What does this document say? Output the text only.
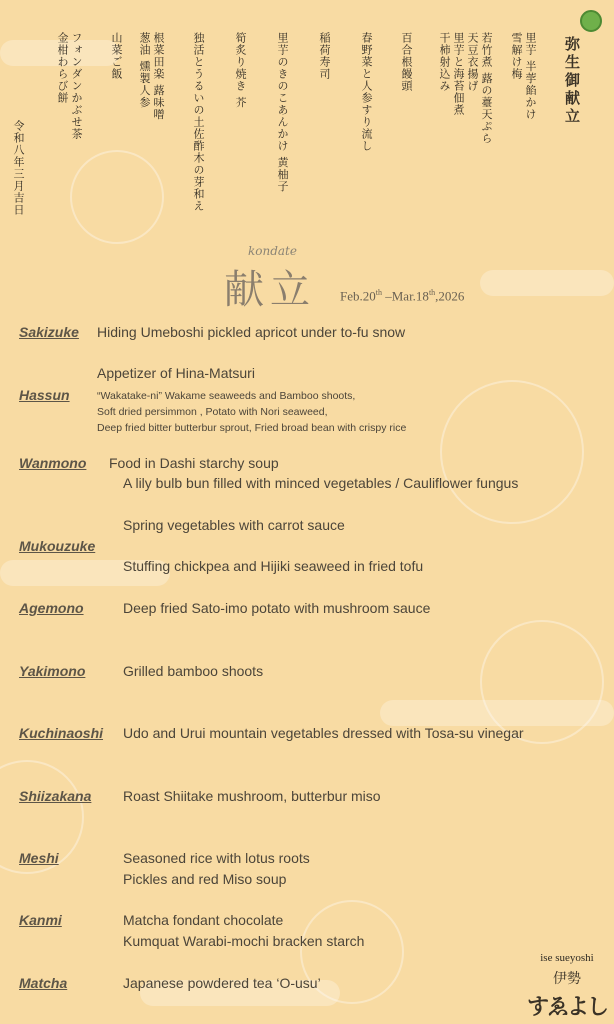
弥生御献立
里芋 半荢餡かけ
雪解け梅
若竹煮 蕗の薹天ぷら
天豆衣揚げ
里芋と海苔佃煮
干柿射込み
百合根饅頭
春野菜と人参すり流し
稲荷寿司
里芋のきのこあんかけ 黄柚子
筍炙り焼き 芥
独活とうるいの土佐酢木の芽和え
根菜田楽 蕗味噌
葱油 燻製人参
山菜ご飯
フォンダンかぶせ茶
金柑わらび餅
令和八年三月吉日
kondate
献立 Feb.20th –Mar.18th,2026
Sakizuke Hiding Umeboshi pickled apricot under to-fu snow
Appetizer of Hina-Matsuri
Hassun	“Wakatake-ni” Wakame seaweeds and Bamboo shoots,
Soft dried persimmon , Potato with Nori seaweed,
Deep fried bitter butterbur sprout, Fried broad bean with crispy rice
Wanmono Food in Dashi starchy soup
A lily bulb bun filled with minced vegetables / Cauliflower fungus
Spring vegetables with carrot sauce
Mukouzuke
Stuffing chickpea and Hijiki seaweed in fried tofu
Agemono	Deep fried Sato-imo potato with mushroom sauce
Yakimono	Grilled bamboo shoots
Kuchinaoshi Udo and Urui mountain vegetables dressed with Tosa-su vinegar
Shiizakana Roast Shiitake mushroom, butterbur miso
Meshi	Seasoned rice with lotus roots
Pickles and red Miso soup
Kanmi	Matcha fondant chocolate
Kumquat Warabi-mochi bracken starch
Matcha	Japanese powdered tea ‘O-usu’
ise sueyoshi
伊勢
すゑよし
